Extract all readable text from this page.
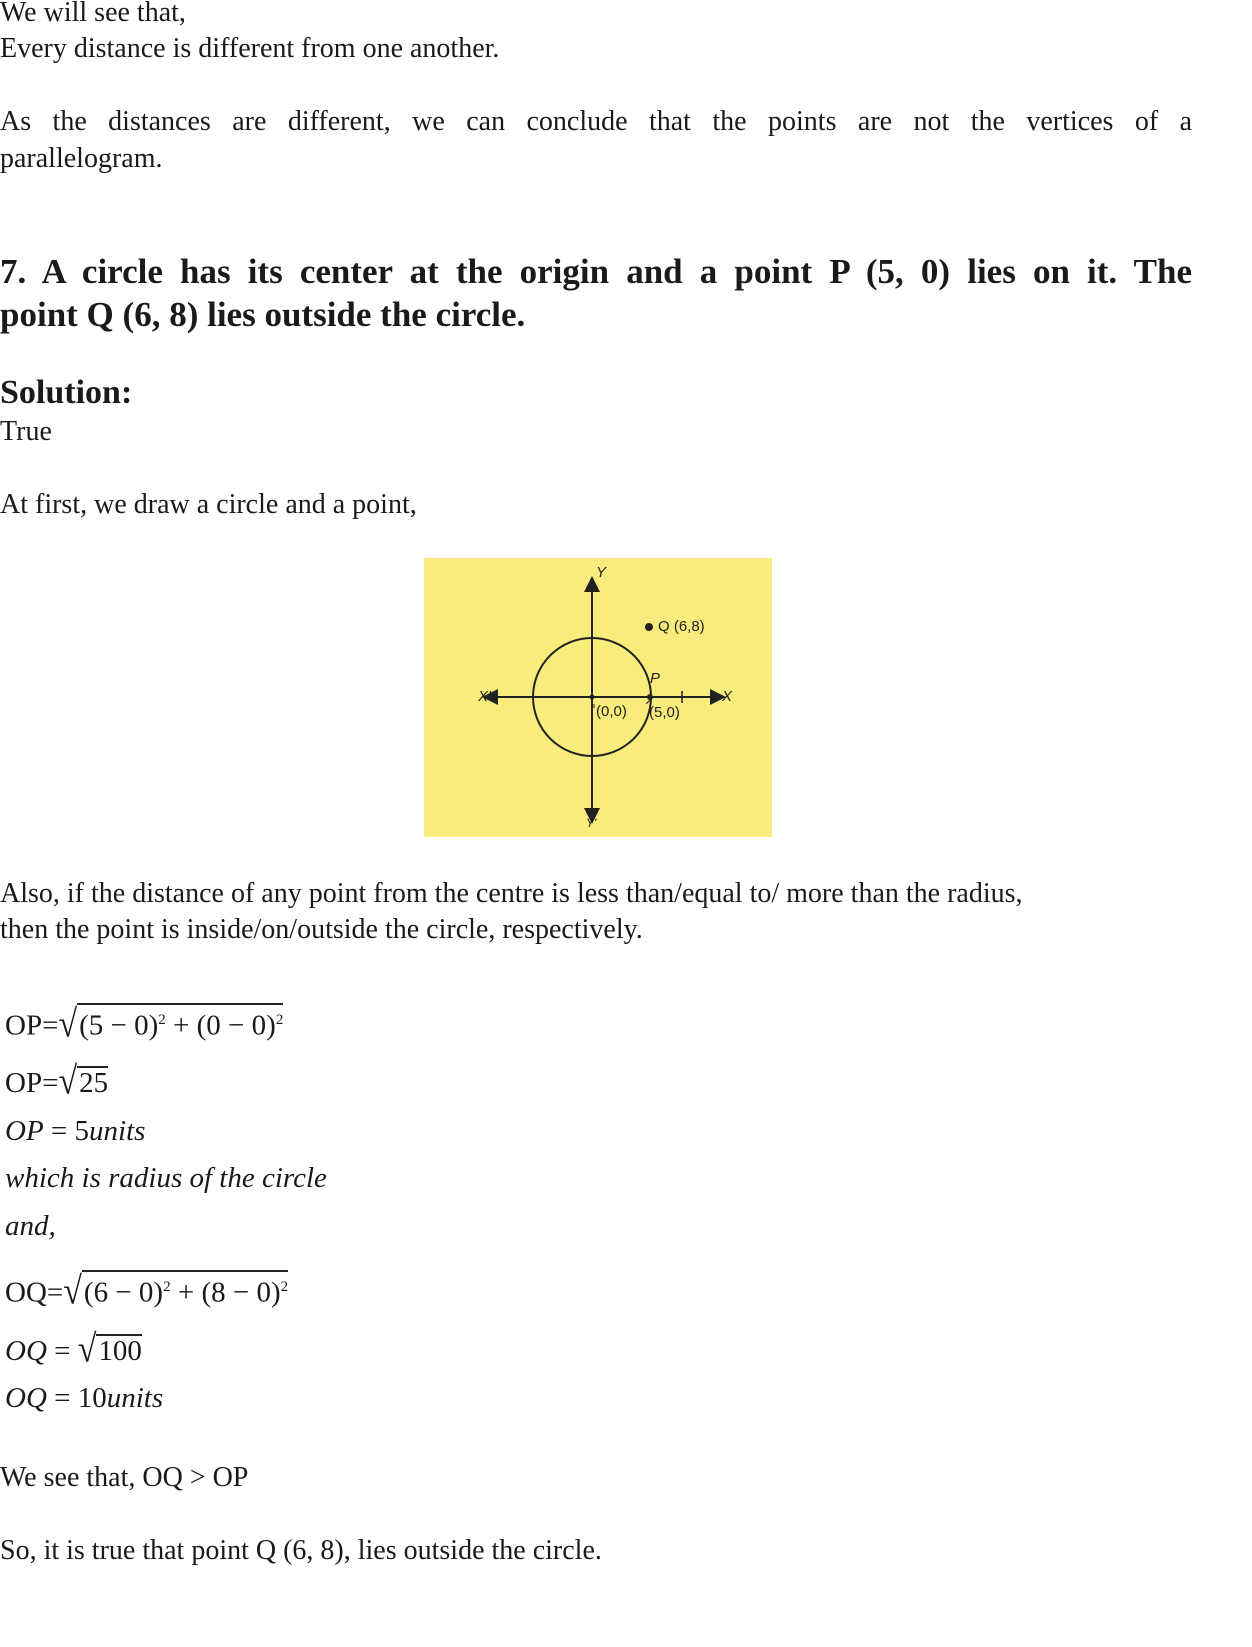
We will see that,
Every distance is different from one another.
As the distances are different, we can conclude that the points are not the vertices of a
parallelogram.
7. A circle has its center at the origin and a point P (5, 0) lies on it. The
point Q (6, 8) lies outside the circle.
Solution:
True
At first, we draw a circle and a point,
Y
Y'
X
X'
Q (6,8)
P
(0,0) (5,0)
Also, if the distance of any point from the centre is less than/equal to/ more than the radius,
then the point is inside/on/outside the circle, respectively.
$OP=√(5 - 0)^2 + (0 - 0)^2$
OP=√25
OP = 5units
which is radius of the circle
and,
$OQ=√(6 - 0)^2 + (8 - 0)^2$
OQ = √100
OQ = 10units
We see that, OQ > OP
So, it is true that point Q (6, 8), lies outside the circle.
